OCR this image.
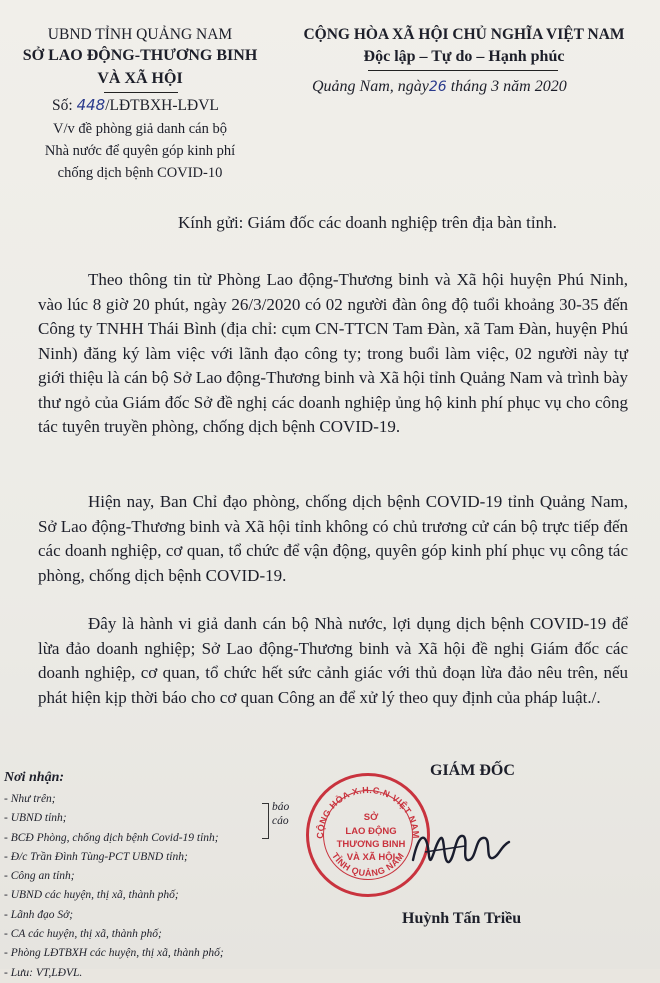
UBND TỈNH QUẢNG NAM
SỞ LAO ĐỘNG-THƯƠNG BINH
VÀ XÃ HỘI
Số: 448/LĐTBXH-LĐVL
V/v đề phòng giả danh cán bộ
Nhà nước để quyên góp kinh phí
chống dịch bệnh COVID-10
CỘNG HÒA XÃ HỘI CHỦ NGHĨA VIỆT NAM
Độc lập – Tự do – Hạnh phúc
Quảng Nam, ngày26 tháng 3 năm 2020
Kính gửi: Giám đốc các doanh nghiệp trên địa bàn tỉnh.
Theo thông tin từ Phòng Lao động-Thương binh và Xã hội huyện Phú Ninh, vào lúc 8 giờ 20 phút, ngày 26/3/2020 có 02 người đàn ông độ tuổi khoảng 30-35 đến Công ty TNHH Thái Bình (địa chỉ: cụm CN-TTCN Tam Đàn, xã Tam Đàn, huyện Phú Ninh) đăng ký làm việc với lãnh đạo công ty; trong buổi làm việc, 02 người này tự giới thiệu là cán bộ Sở Lao động-Thương binh và Xã hội tỉnh Quảng Nam và trình bày thư ngỏ của Giám đốc Sở đề nghị các doanh nghiệp ủng hộ kinh phí phục vụ cho công tác tuyên truyền phòng, chống dịch bệnh COVID-19.
Hiện nay, Ban Chỉ đạo phòng, chống dịch bệnh COVID-19 tỉnh Quảng Nam, Sở Lao động-Thương binh và Xã hội tỉnh không có chủ trương cử cán bộ trực tiếp đến các doanh nghiệp, cơ quan, tổ chức để vận động, quyên góp kinh phí phục vụ công tác phòng, chống dịch bệnh COVID-19.
Đây là hành vi giả danh cán bộ Nhà nước, lợi dụng dịch bệnh COVID-19 để lừa đảo doanh nghiệp; Sở Lao động-Thương binh và Xã hội đề nghị Giám đốc các doanh nghiệp, cơ quan, tổ chức hết sức cảnh giác với thủ đoạn lừa đảo nêu trên, nếu phát hiện kịp thời báo cho cơ quan Công an để xử lý theo quy định của pháp luật./.
Nơi nhận:
- Như trên;
- UBND tỉnh;
- BCĐ Phòng, chống dịch bệnh Covid-19 tỉnh;
- Đ/c Trần Đình Tùng-PCT UBND tỉnh;
- Công an tỉnh;
- UBND các huyện, thị xã, thành phố;
- Lãnh đạo Sở;
- CA các huyện, thị xã, thành phố;
- Phòng LĐTBXH các huyện, thị xã, thành phố;
- Lưu: VT,LĐVL.
báo
cáo
GIÁM ĐỐC
CỘNG HÒA X.H.C.N VIỆT NAM
TỈNH QUẢNG NAM
SỞ
LAO ĐỘNG
THƯƠNG BINH
VÀ XÃ HỘI
Huỳnh Tấn Triều
